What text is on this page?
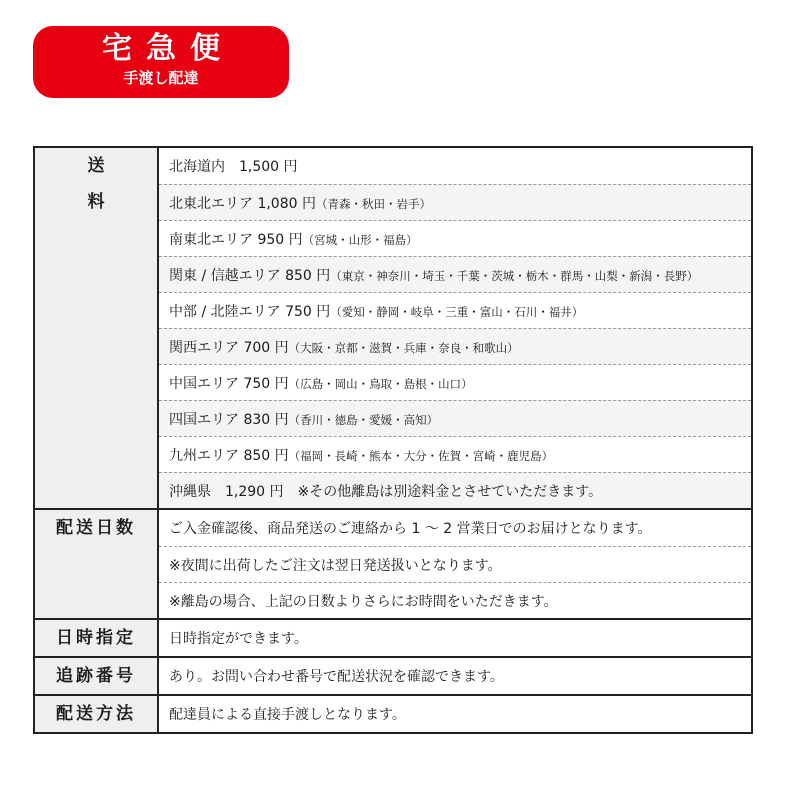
宅急便
手渡し配達
送　料
北海道内　1,500 円
北東北エリア 1,080 円（青森・秋田・岩手）
南東北エリア 950 円（宮城・山形・福島）
関東 / 信越エリア 850 円（東京・神奈川・埼玉・千葉・茨城・栃木・群馬・山梨・新潟・長野）
中部 / 北陸エリア 750 円（愛知・静岡・岐阜・三重・富山・石川・福井）
関西エリア 700 円（大阪・京都・滋賀・兵庫・奈良・和歌山）
中国エリア 750 円（広島・岡山・鳥取・島根・山口）
四国エリア 830 円（香川・徳島・愛媛・高知）
九州エリア 850 円（福岡・長崎・熊本・大分・佐賀・宮崎・鹿児島）
沖縄県　1,290 円　※その他離島は別途料金とさせていただきます。
配送日数	ご入金確認後、商品発送のご連絡から 1 〜 2 営業日でのお届けとなります。
※夜間に出荷したご注文は翌日発送扱いとなります。
※離島の場合、上記の日数よりさらにお時間をいただきます。
日時指定	日時指定ができます。
追跡番号	あり。お問い合わせ番号で配送状況を確認できます。
配送方法	配達員による直接手渡しとなります。
